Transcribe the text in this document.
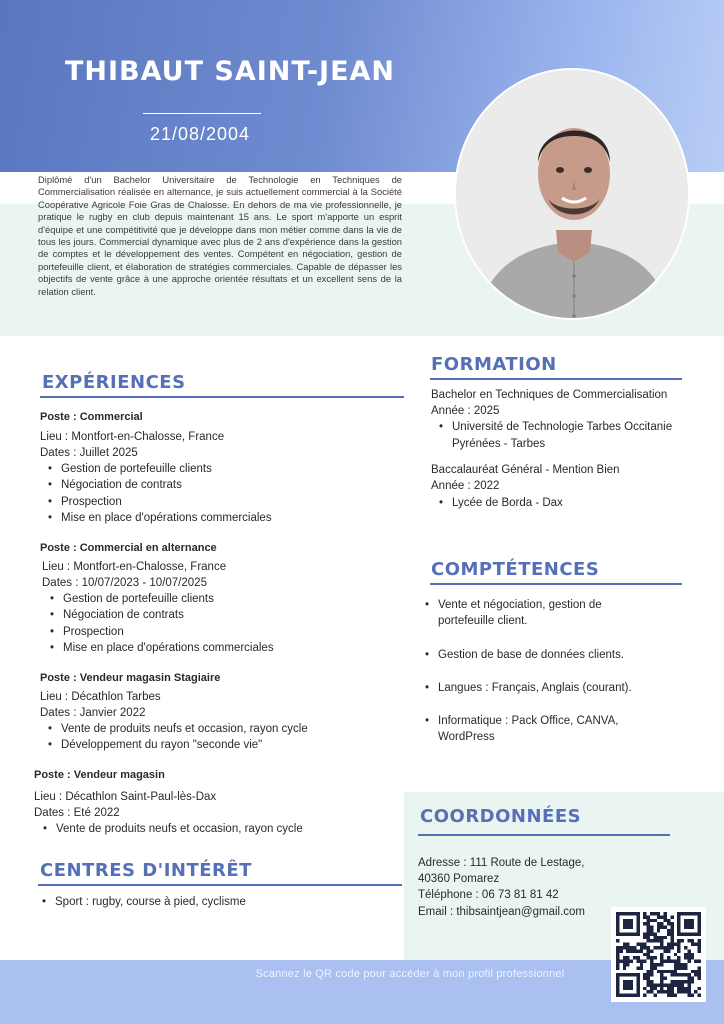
THIBAUT SAINT-JEAN
21/08/2004
Diplômé d'un Bachelor Universitaire de Technologie en Techniques de Commercialisation réalisée en alternance, je suis actuellement commercial à la Société Coopérative Agricole Foie Gras de Chalosse. En dehors de ma vie professionnelle, je pratique le rugby en club depuis maintenant 15 ans. Le sport m'apporte un esprit d'équipe et une compétitivité que je développe dans mon métier comme dans la vie de tous les jours. Commercial dynamique avec plus de 2 ans d'expérience dans la gestion de comptes et le développement des ventes. Compétent en négociation, gestion de portefeuille client, et élaboration de stratégies commerciales. Capable de dépasser les objectifs de vente grâce à une approche orientée résultats et un excellent sens de la relation client.
EXPÉRIENCES
Poste : Commercial
Lieu : Montfort-en-Chalosse, France
Dates : Juillet 2025
• Gestion de portefeuille clients
• Négociation de contrats
• Prospection
• Mise en place d'opérations commerciales
Poste : Commercial en alternance
Lieu : Montfort-en-Chalosse, France
Dates : 10/07/2023 - 10/07/2025
• Gestion de portefeuille clients
• Négociation de contrats
• Prospection
• Mise en place d'opérations commerciales
Poste : Vendeur magasin Stagiaire
Lieu : Décathlon Tarbes
Dates : Janvier 2022
• Vente de produits neufs et occasion, rayon cycle
• Développement du rayon "seconde vie"
Poste : Vendeur magasin
Lieu : Décathlon Saint-Paul-lès-Dax
Dates : Eté 2022
• Vente de produits neufs et occasion, rayon cycle
CENTRES D'INTÉRÊT
• Sport : rugby, course à pied, cyclisme
FORMATION
Bachelor en Techniques de Commercialisation
Année : 2025
• Université de Technologie Tarbes Occitanie
Pyrénées - Tarbes
Baccalauréat Général - Mention Bien
Année : 2022
• Lycée de Borda - Dax
COMPTÉTENCES
• Vente et négociation, gestion de
portefeuille client.
• Gestion de base de données clients.
• Langues : Français, Anglais (courant).
• Informatique : Pack Office, CANVA,
WordPress
COORDONNÉES
Adresse : 111 Route de Lestage,
40360 Pomarez
Téléphone : 06 73 81 81 42
Email : thibsaintjean@gmail.com
Scannez le QR code pour accéder à mon profil professionnel
